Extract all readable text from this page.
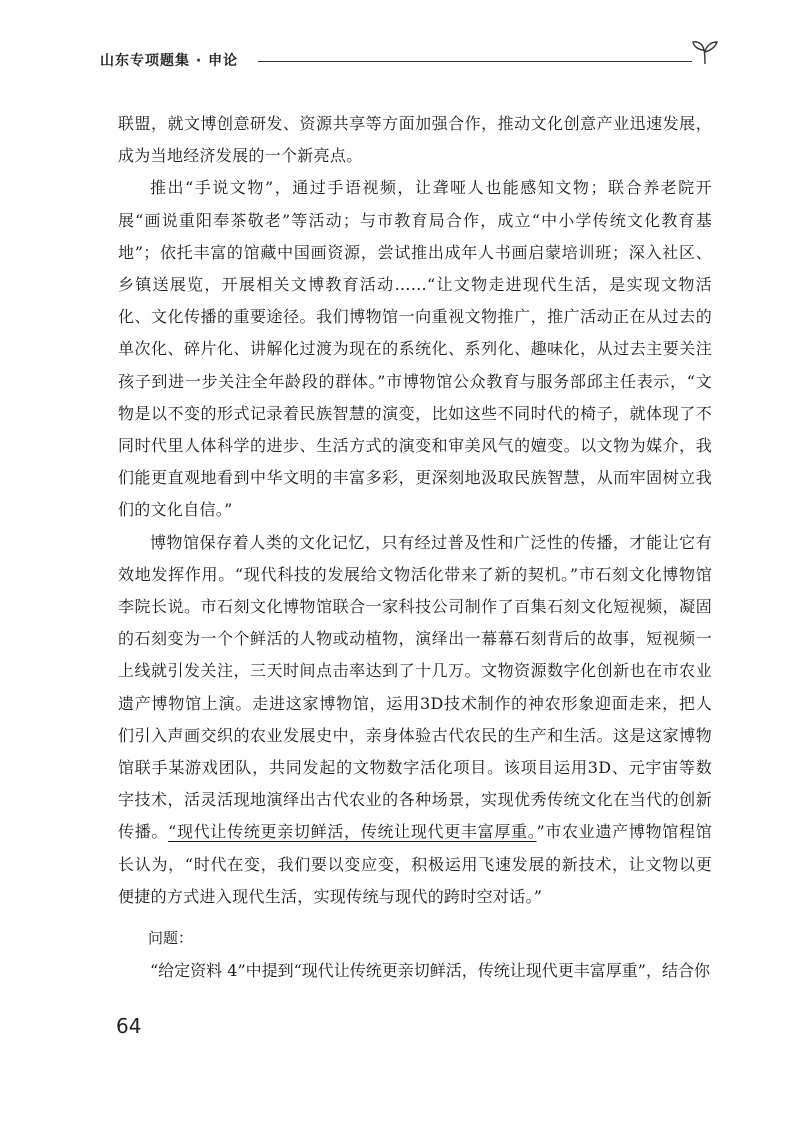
山东专项题集 · 申论

联盟，就文博创意研发、资源共享等方面加强合作，推动文化创意产业迅速发展，成为当地经济发展的一个新亮点。

推出“手说文物”，通过手语视频，让聋哑人也能感知文物；联合养老院开展“画说重阳奉茶敬老”等活动；与市教育局合作，成立“中小学传统文化教育基地”；依托丰富的馆藏中国画资源，尝试推出成年人书画启蒙培训班；深入社区、乡镇送展览，开展相关文博教育活动……“让文物走进现代生活，是实现文物活化、文化传播的重要途径。我们博物馆一向重视文物推广，推广活动正在从过去的单次化、碎片化、讲解化过渡为现在的系统化、系列化、趣味化，从过去主要关注孩子到进一步关注全年龄段的群体。”市博物馆公众教育与服务部邱主任表示，“文物是以不变的形式记录着民族智慧的演变，比如这些不同时代的椅子，就体现了不同时代里人体科学的进步、生活方式的演变和审美风气的嬗变。以文物为媒介，我们能更直观地看到中华文明的丰富多彩，更深刻地汲取民族智慧，从而牢固树立我们的文化自信。”

博物馆保存着人类的文化记忆，只有经过普及性和广泛性的传播，才能让它有效地发挥作用。“现代科技的发展给文物活化带来了新的契机。”市石刻文化博物馆李院长说。市石刻文化博物馆联合一家科技公司制作了百集石刻文化短视频，凝固的石刻变为一个个鲜活的人物或动植物，演绎出一幕幕石刻背后的故事，短视频一上线就引发关注，三天时间点击率达到了十几万。文物资源数字化创新也在市农业遗产博物馆上演。走进这家博物馆，运用3D技术制作的神农形象迎面走来，把人们引入声画交织的农业发展史中，亲身体验古代农民的生产和生活。这是这家博物馆联手某游戏团队，共同发起的文物数字活化项目。该项目运用3D、元宇宙等数字技术，活灵活现地演绎出古代农业的各种场景，实现优秀传统文化在当代的创新传播。“现代让传统更亲切鲜活，传统让现代更丰富厚重。”市农业遗产博物馆程馆长认为，“时代在变，我们要以变应变，积极运用飞速发展的新技术，让文物以更便捷的方式进入现代生活，实现传统与现代的跨时空对话。”

问题：

“给定资料 4”中提到“现代让传统更亲切鲜活，传统让现代更丰富厚重”，结合你

64
